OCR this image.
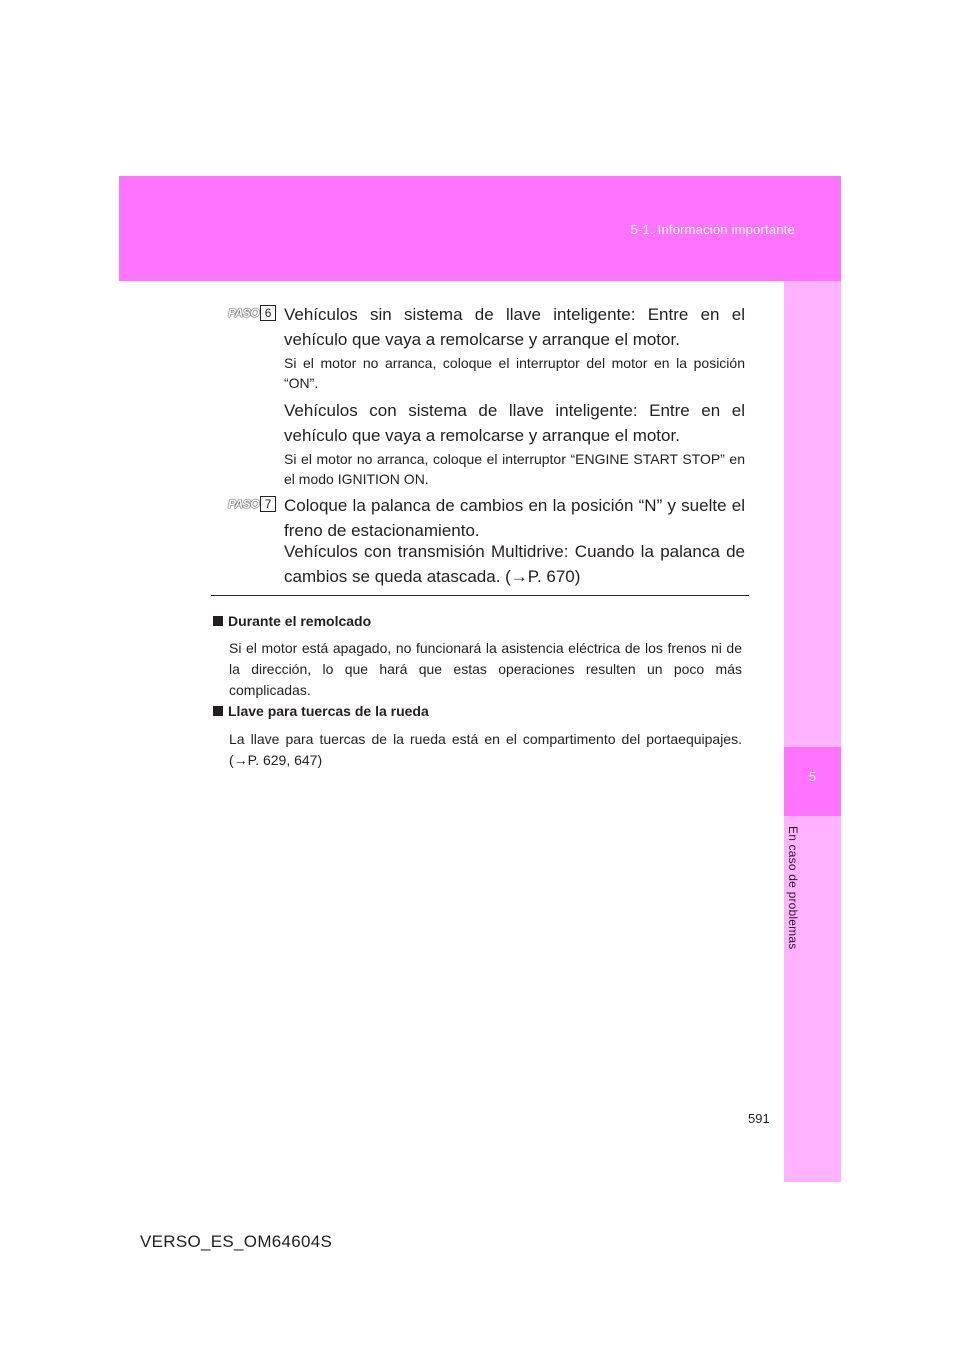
5-1. Información importante
5
En caso de problemas
PASO 6 Vehículos sin sistema de llave inteligente: Entre en el vehículo que vaya a remolcarse y arranque el motor.
Si el motor no arranca, coloque el interruptor del motor en la posición “ON”.
Vehículos con sistema de llave inteligente: Entre en el vehículo que vaya a remolcarse y arranque el motor.
Si el motor no arranca, coloque el interruptor “ENGINE START STOP” en el modo IGNITION ON.
PASO 7 Coloque la palanca de cambios en la posición “N” y suelte el freno de estacionamiento.
Vehículos con transmisión Multidrive: Cuando la palanca de cambios se queda atascada. (→P. 670)
Durante el remolcado
Si el motor está apagado, no funcionará la asistencia eléctrica de los frenos ni de la dirección, lo que hará que estas operaciones resulten un poco más complicadas.
Llave para tuercas de la rueda
La llave para tuercas de la rueda está en el compartimento del portaequipajes. (→P. 629, 647)
591
VERSO_ES_OM64604S
